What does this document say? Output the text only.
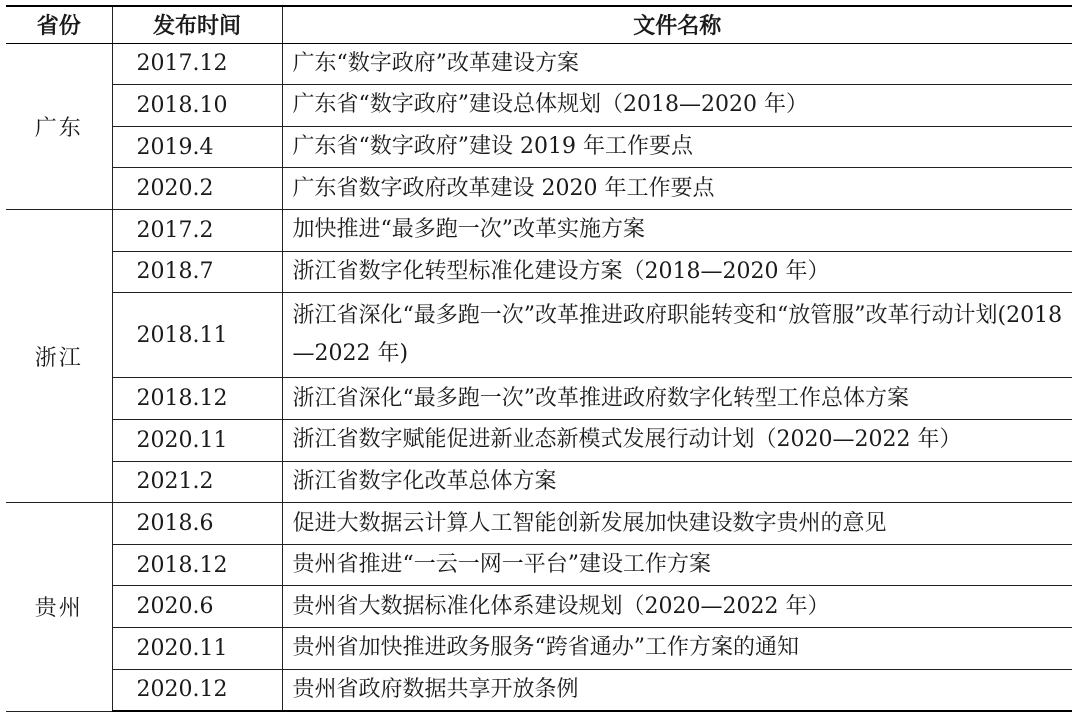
省份	发布时间	文件名称
广东	2017.12	广东“数字政府”改革建设方案
	2018.10	广东省“数字政府”建设总体规划（2018—2020 年）
	2019.4	广东省“数字政府”建设 2019 年工作要点
	2020.2	广东省数字政府改革建设 2020 年工作要点
浙江	2017.2	加快推进“最多跑一次”改革实施方案
	2018.7	浙江省数字化转型标准化建设方案（2018—2020 年）
	2018.11	浙江省深化“最多跑一次”改革推进政府职能转变和“放管服”改革行动计划(2018—2022 年)
	2018.12	浙江省深化“最多跑一次”改革推进政府数字化转型工作总体方案
	2020.11	浙江省数字赋能促进新业态新模式发展行动计划（2020—2022 年）
	2021.2	浙江省数字化改革总体方案
贵州	2018.6	促进大数据云计算人工智能创新发展加快建设数字贵州的意见
	2018.12	贵州省推进“一云一网一平台”建设工作方案
	2020.6	贵州省大数据标准化体系建设规划（2020—2022 年）
	2020.11	贵州省加快推进政务服务“跨省通办”工作方案的通知
	2020.12	贵州省政府数据共享开放条例
